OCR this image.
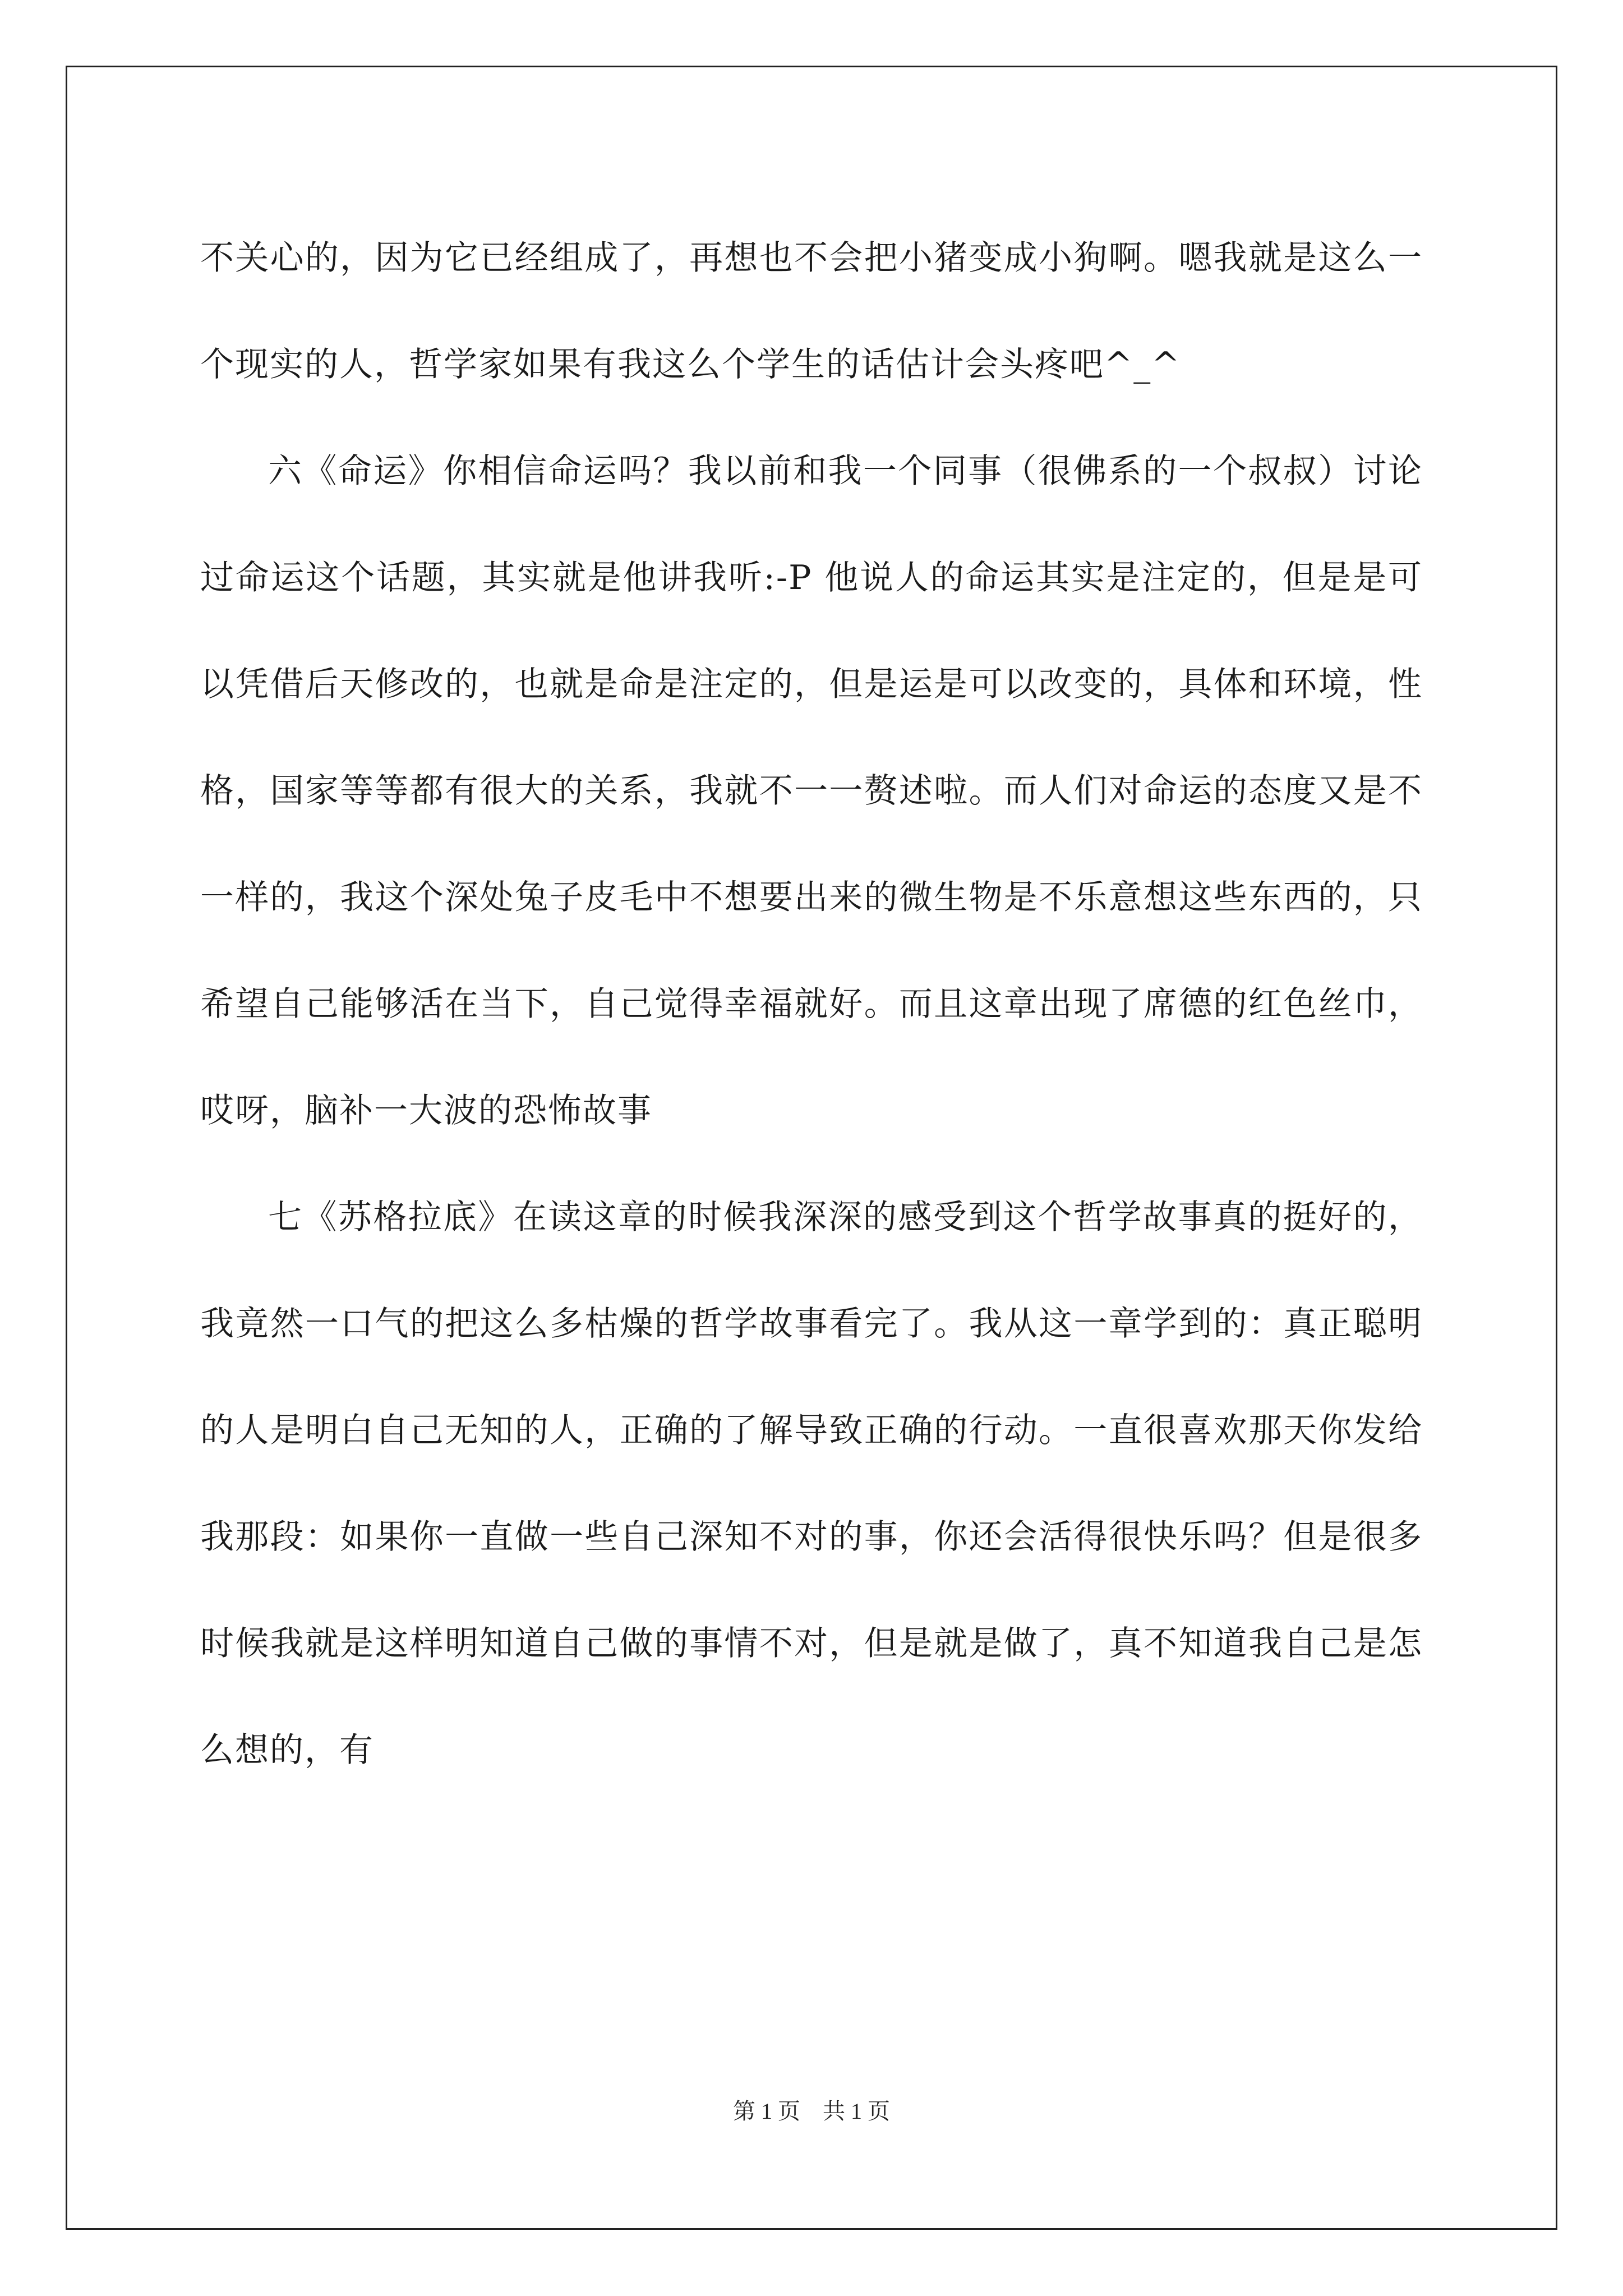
不关心的，因为它已经组成了，再想也不会把小猪变成小狗啊。嗯我就是这么一个现实的人，哲学家如果有我这么个学生的话估计会头疼吧^_^

六《命运》你相信命运吗？我以前和我一个同事（很佛系的一个叔叔）讨论过命运这个话题，其实就是他讲我听:-P 他说人的命运其实是注定的，但是是可以凭借后天修改的，也就是命是注定的，但是运是可以改变的，具体和环境，性格，国家等等都有很大的关系，我就不一一赘述啦。而人们对命运的态度又是不一样的，我这个深处兔子皮毛中不想要出来的微生物是不乐意想这些东西的，只希望自己能够活在当下，自己觉得幸福就好。而且这章出现了席德的红色丝巾，哎呀，脑补一大波的恐怖故事

七《苏格拉底》在读这章的时候我深深的感受到这个哲学故事真的挺好的，我竟然一口气的把这么多枯燥的哲学故事看完了。我从这一章学到的：真正聪明的人是明白自己无知的人，正确的了解导致正确的行动。一直很喜欢那天你发给我那段：如果你一直做一些自己深知不对的事，你还会活得很快乐吗？但是很多时候我就是这样明知道自己做的事情不对，但是就是做了，真不知道我自己是怎么想的，有

第 1 页　共 1 页
